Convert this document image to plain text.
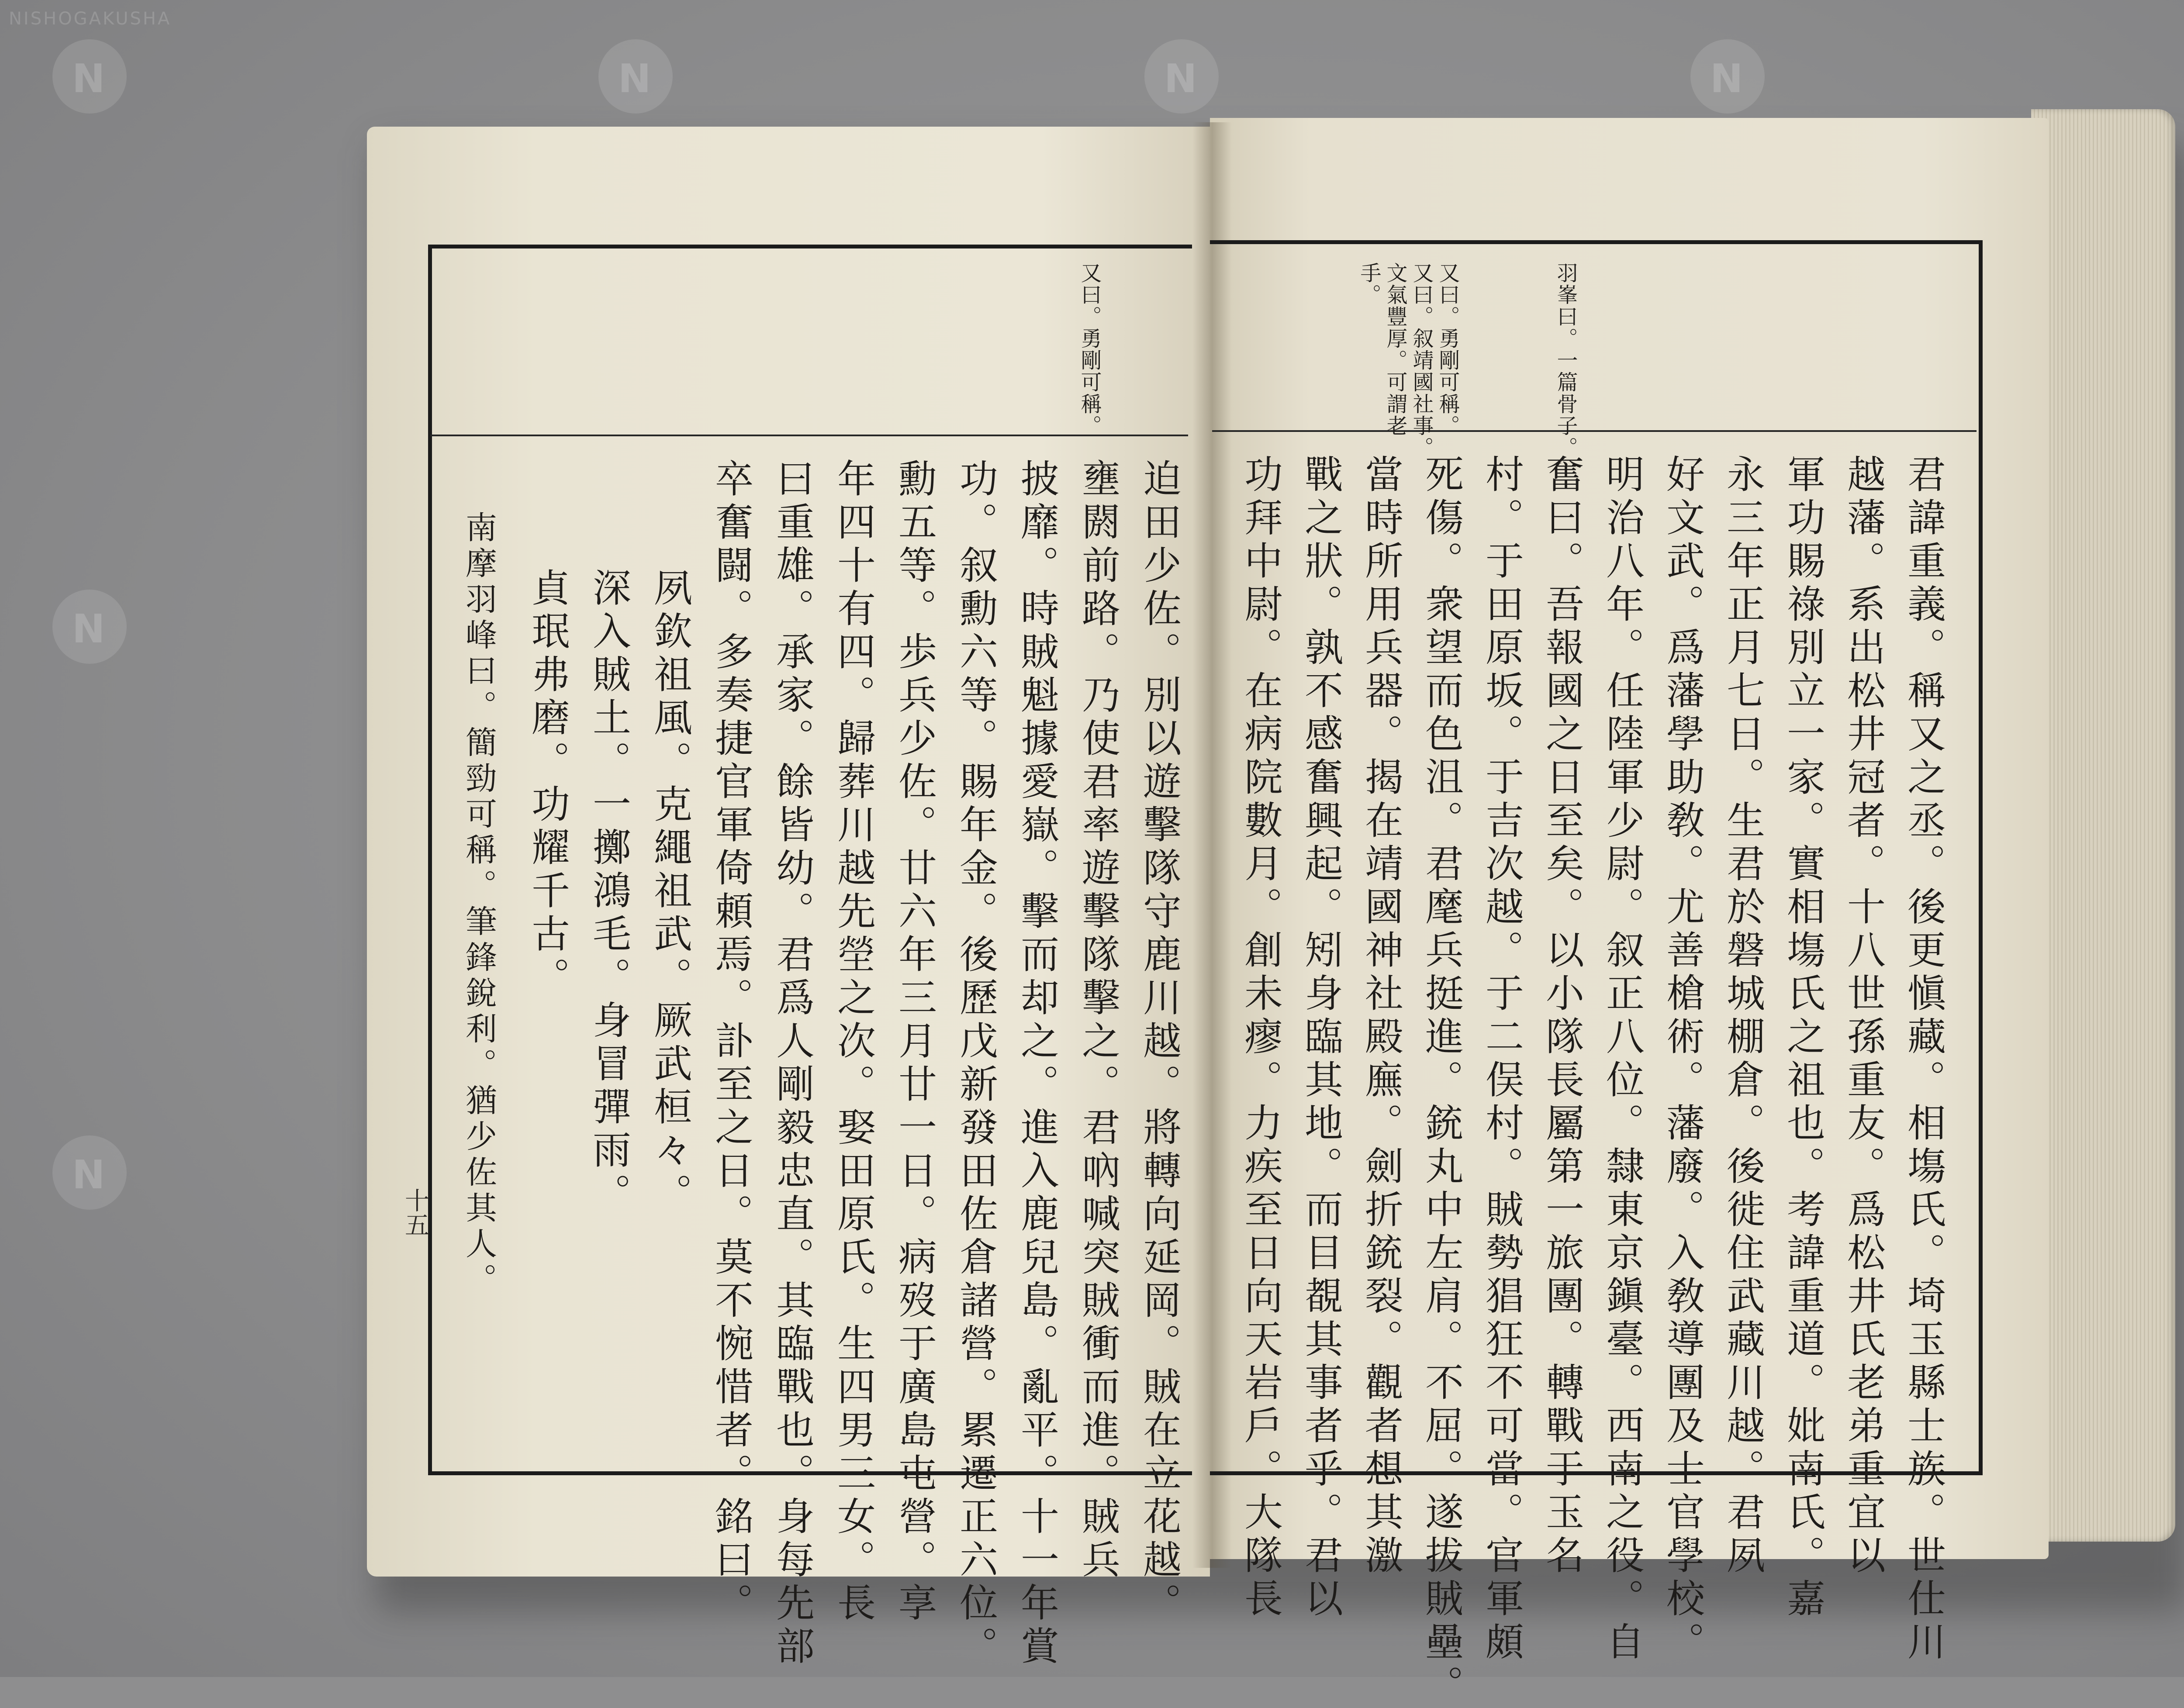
N	N	N	N
N
N
NISHOGAKUSHA
又曰。勇剛可稱。
迫田少佐。別以遊擊隊守鹿川越。將轉向延岡。賊在立花越。
壅閼前路。乃使君率遊擊隊擊之。君吶喊突賊衝而進。賊兵
披靡。時賊魁據愛嶽。擊而却之。進入鹿兒島。亂平。十一年賞
功。叙勳六等。賜年金。後歷戊新發田佐倉諸營。累遷正六位。
勳五等。歩兵少佐。廿六年三月廿一日。病歿于廣島屯營。享
年四十有四。歸葬川越先塋之次。娶田原氏。生四男三女。長
曰重雄。承家。餘皆幼。君爲人剛毅忠直。其臨戰也。身每先部
卒奮闘。多奏捷官軍倚頼焉。訃至之日。莫不惋惜者。銘曰。
夙欽祖風。克繩祖武。厥武桓々。
深入賊土。一擲鴻毛。身冒彈雨。
貞珉弗磨。功耀千古。
南摩羽峰曰。簡勁可稱。筆鋒銳利。猶少佐其人。
十五
羽峯曰。一篇骨子。
又曰。勇剛可稱。
又曰。叙靖國社事。
文氣豐厚。可謂老
手。
君諱重義。稱又之丞。後更愼藏。相塲氏。埼玉縣士族。世仕川
越藩。系出松井冠者。十八世孫重友。爲松井氏老弟重宜以
軍功賜祿別立一家。實相塲氏之祖也。考諱重道。妣南氏。嘉
永三年正月七日。生君於磐城棚倉。後徙住武藏川越。君夙
好文武。爲藩學助敎。尤善槍術。藩廢。入敎導團及士官學校。
明治八年。任陸軍少尉。叙正八位。隸東京鎭臺。西南之役。自
奮曰。吾報國之日至矣。以小隊長屬第一旅團。轉戰于玉名
村。于田原坂。于吉次越。于二俣村。賊勢猖狂不可當。官軍頗
死傷。衆望而色沮。君麾兵挺進。銃丸中左肩。不屈。遂拔賊壘。
當時所用兵器。揭在靖國神社殿廡。劍折銃裂。觀者想其激
戰之狀。孰不感奮興起。矧身臨其地。而目覩其事者乎。君以
功拜中尉。在病院數月。創未瘳。力疾至日向天岩戶。大隊長
